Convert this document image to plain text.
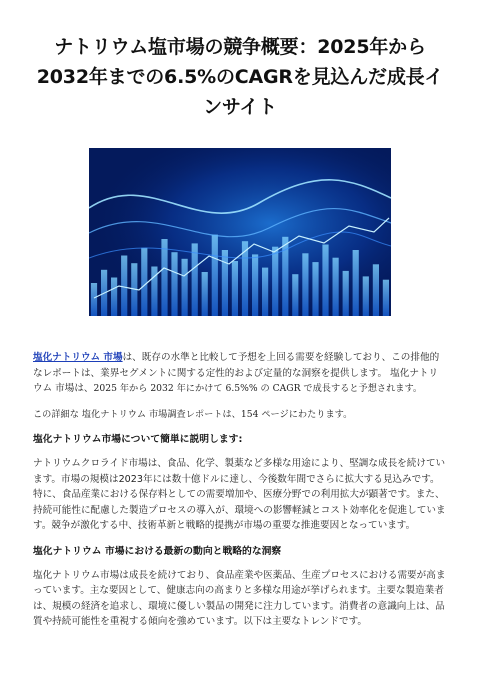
ナトリウム塩市場の競争概要：2025年から2032年までの6.5%のCAGRを見込んだ成長インサイト

塩化ナトリウム 市場は、既存の水準と比較して予想を上回る需要を経験しており、この排他的なレポートは、業界セグメントに関する定性的および定量的な洞察を提供します。 塩化ナトリウム 市場は、2025 年から 2032 年にかけて 6.5%% の CAGR で成長すると予想されます。

この詳細な 塩化ナトリウム 市場調査レポートは、154 ページにわたります。

塩化ナトリウム市場について簡単に説明します:

ナトリウムクロライド市場は、食品、化学、製薬など多様な用途により、堅調な成長を続けています。市場の規模は2023年には数十億ドルに達し、今後数年間でさらに拡大する見込みです。特に、食品産業における保存料としての需要増加や、医療分野での利用拡大が顕著です。また、持続可能性に配慮した製造プロセスの導入が、環境への影響軽減とコスト効率化を促進しています。競争が激化する中、技術革新と戦略的提携が市場の重要な推進要因となっています。

塩化ナトリウム 市場における最新の動向と戦略的な洞察

塩化ナトリウム市場は成長を続けており、食品産業や医薬品、生産プロセスにおける需要が高まっています。主な要因として、健康志向の高まりと多様な用途が挙げられます。主要な製造業者は、規模の経済を追求し、環境に優しい製品の開発に注力しています。消費者の意識向上は、品質や持続可能性を重視する傾向を強めています。以下は主要なトレンドです。
